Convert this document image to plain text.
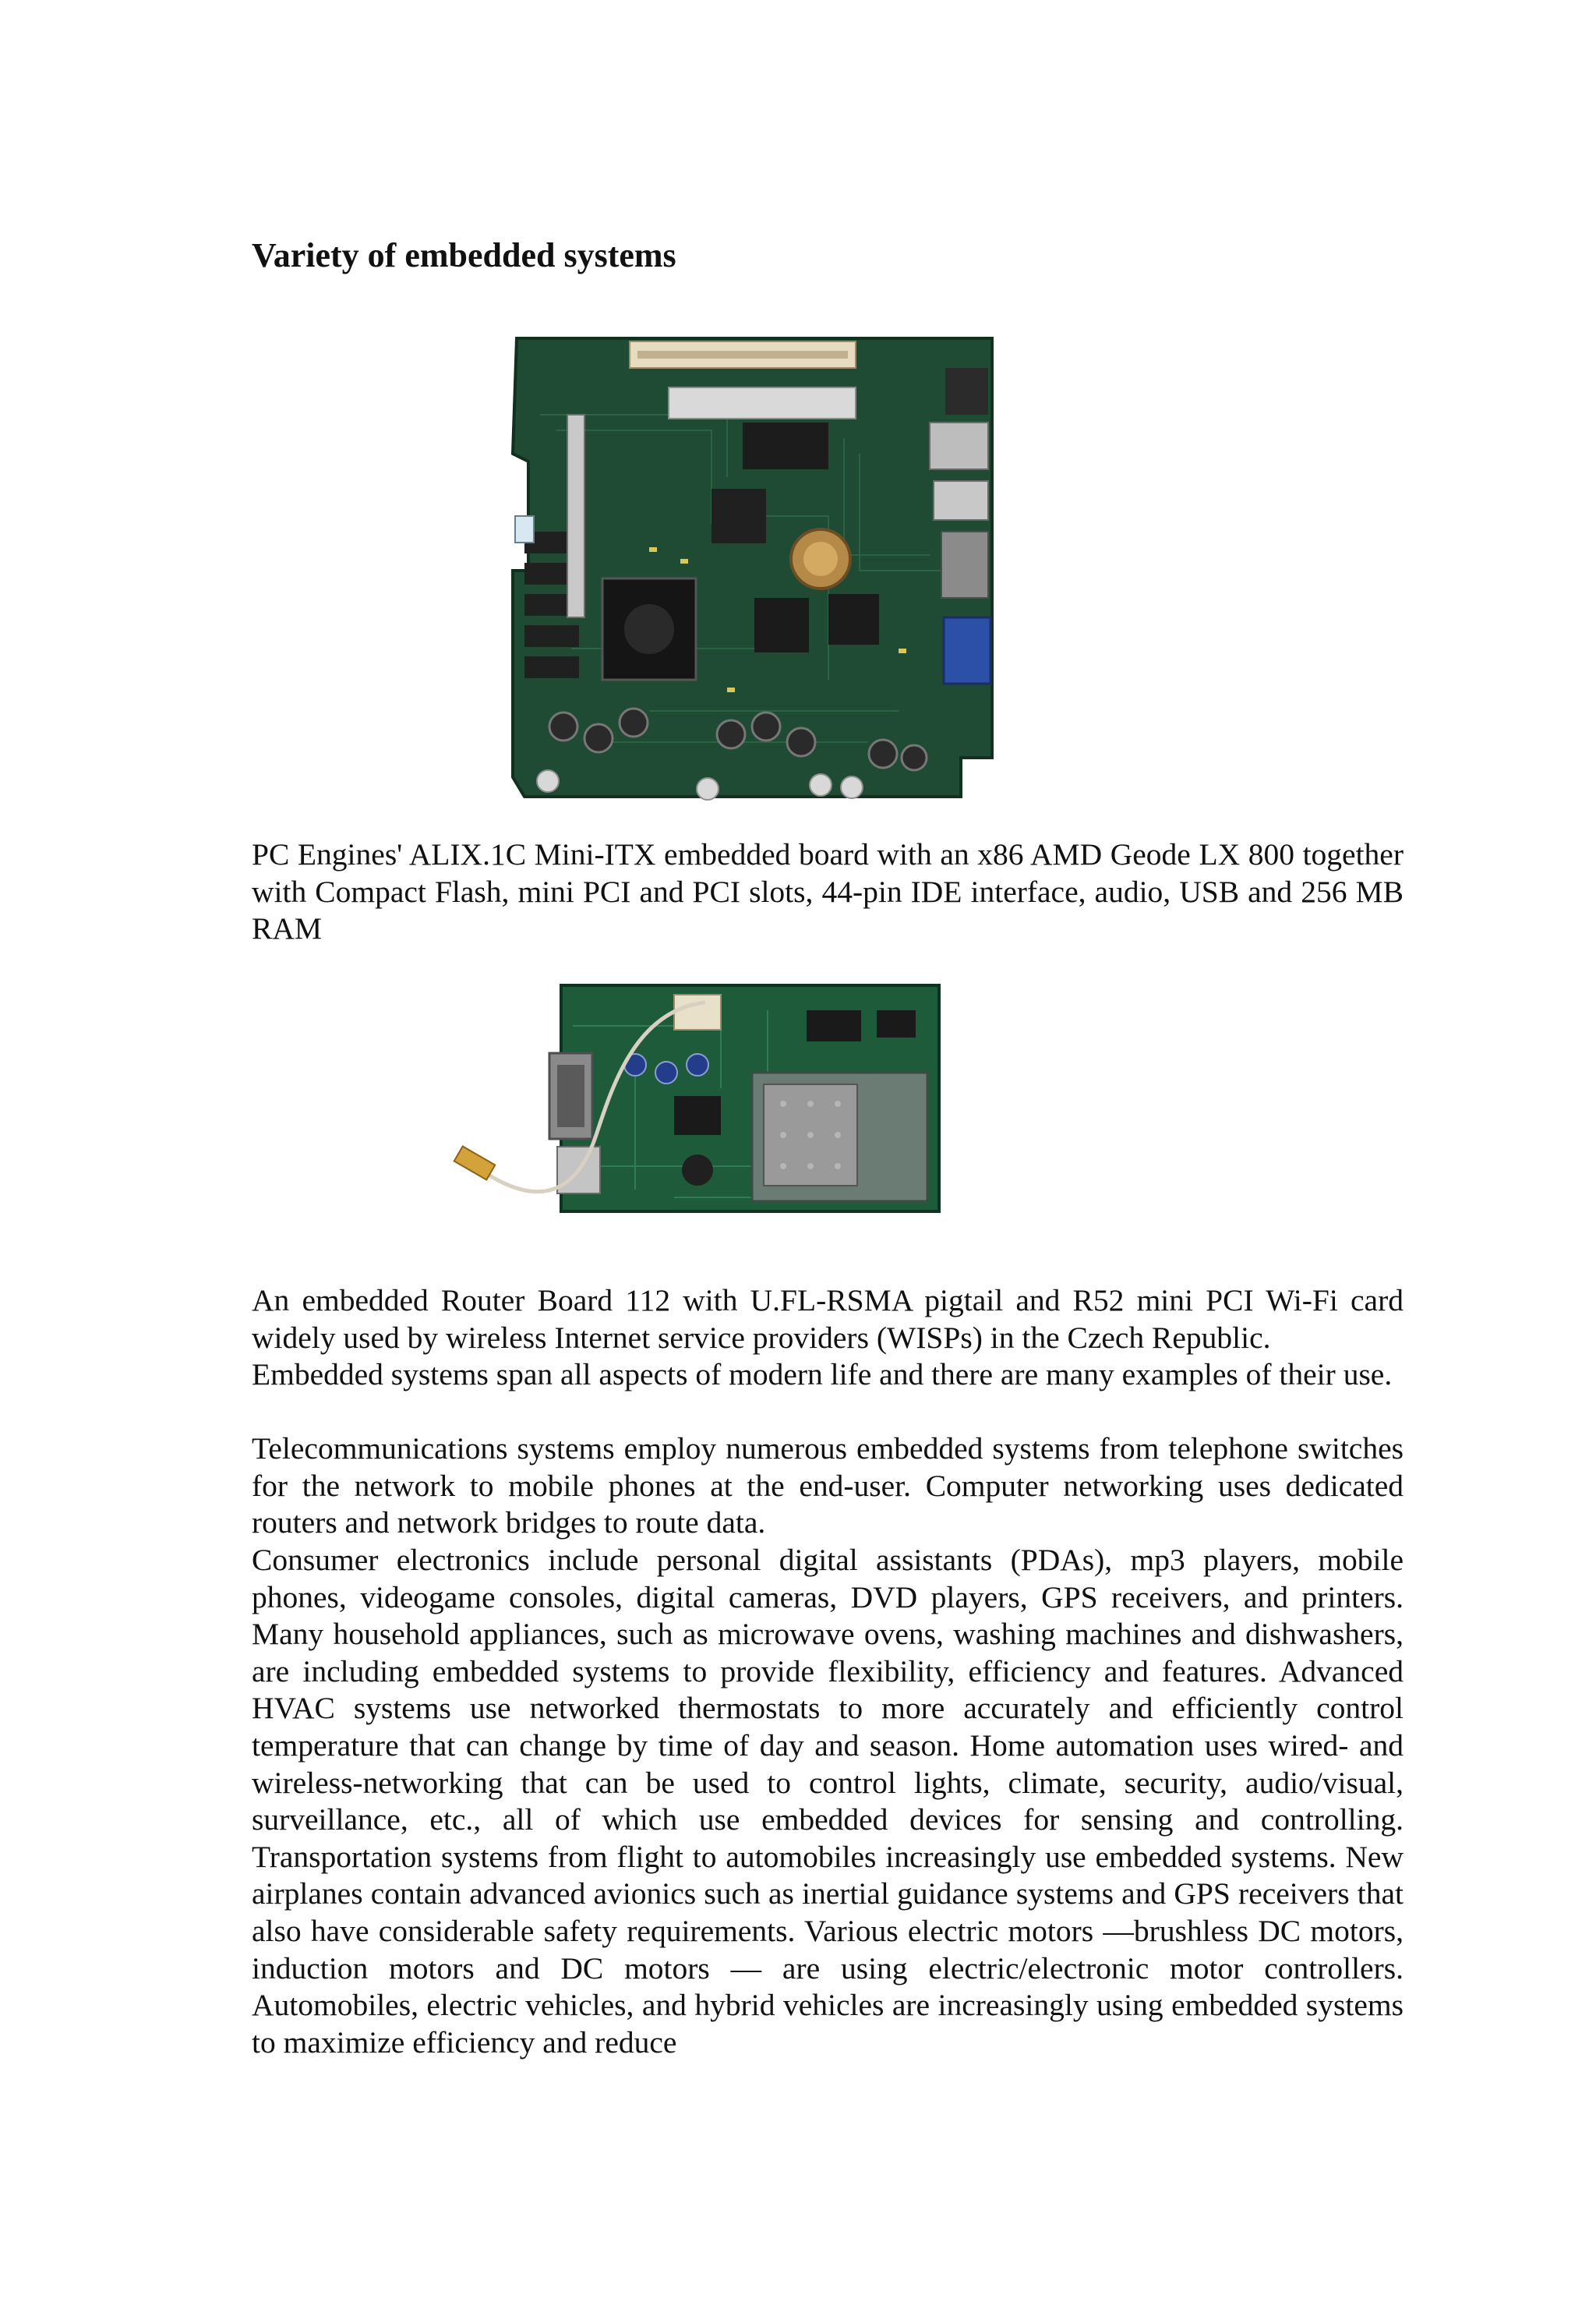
Variety of embedded systems

PC Engines' ALIX.1C Mini-ITX embedded board with an x86 AMD Geode LX 800 together with Compact Flash, mini PCI and PCI slots, 44-pin IDE interface, audio, USB and 256 MB RAM

An embedded Router Board 112 with U.FL-RSMA pigtail and R52 mini PCI Wi-Fi card widely used by wireless Internet service providers (WISPs) in the Czech Republic.

Embedded systems span all aspects of modern life and there are many examples of their use.

Telecommunications systems employ numerous embedded systems from telephone switches for the network to mobile phones at the end-user. Computer networking uses dedicated routers and network bridges to route data.

Consumer electronics include personal digital assistants (PDAs), mp3 players, mobile phones, videogame consoles, digital cameras, DVD players, GPS receivers, and printers. Many household appliances, such as microwave ovens, washing machines and dishwashers, are including embedded systems to provide flexibility, efficiency and features. Advanced HVAC systems use networked thermostats to more accurately and efficiently control temperature that can change by time of day and season. Home automation uses wired- and wireless-networking that can be used to control lights, climate, security, audio/visual, surveillance, etc., all of which use embedded devices for sensing and controlling. Transportation systems from flight to automobiles increasingly use embedded systems. New airplanes contain advanced avionics such as inertial guidance systems and GPS receivers that also have considerable safety requirements. Various electric motors —brushless DC motors, induction motors and DC motors — are using electric/electronic motor controllers. Automobiles, electric vehicles, and hybrid vehicles are increasingly using embedded systems to maximize efficiency and reduce
